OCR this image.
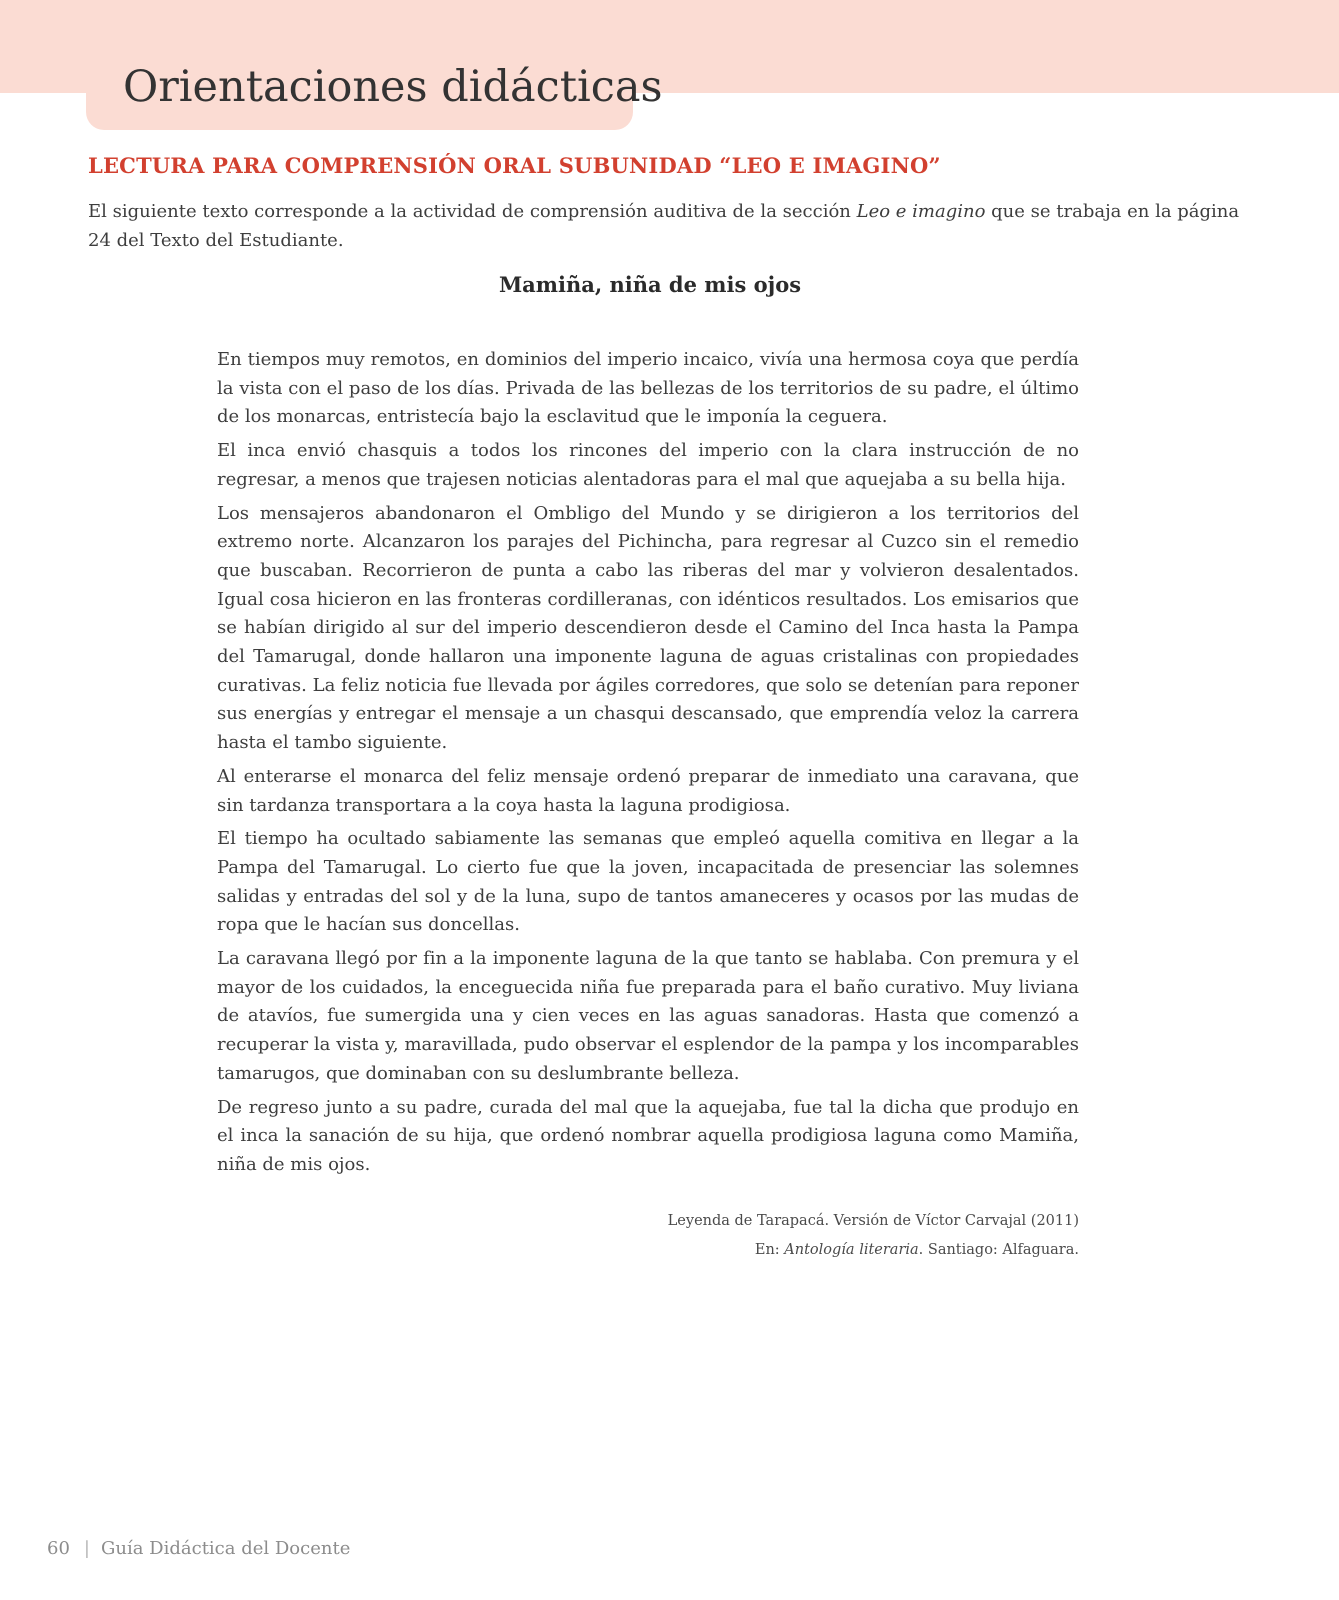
Orientaciones didácticas
LECTURA PARA COMPRENSIÓN ORAL SUBUNIDAD “LEO E IMAGINO”

El siguiente texto corresponde a la actividad de comprensión auditiva de la sección Leo e imagino que se trabaja en la página 24 del Texto del Estudiante.

Mamiña, niña de mis ojos

En tiempos muy remotos, en dominios del imperio incaico, vivía una hermosa coya que perdía la vista con el paso de los días. Privada de las bellezas de los territorios de su padre, el último de los monarcas, entristecía bajo la esclavitud que le imponía la ceguera.

El inca envió chasquis a todos los rincones del imperio con la clara instrucción de no regresar, a menos que trajesen noticias alentadoras para el mal que aquejaba a su bella hija.

Los mensajeros abandonaron el Ombligo del Mundo y se dirigieron a los territorios del extremo norte. Alcanzaron los parajes del Pichincha, para regresar al Cuzco sin el remedio que buscaban. Recorrieron de punta a cabo las riberas del mar y volvieron desalentados. Igual cosa hicieron en las fronteras cordilleranas, con idénticos resultados. Los emisarios que se habían dirigido al sur del imperio descendieron desde el Camino del Inca hasta la Pampa del Tamarugal, donde hallaron una imponente laguna de aguas cristalinas con propiedades curativas. La feliz noticia fue llevada por ágiles corredores, que solo se detenían para reponer sus energías y entregar el mensaje a un chasqui descansado, que emprendía veloz la carrera hasta el tambo siguiente.

Al enterarse el monarca del feliz mensaje ordenó preparar de inmediato una caravana, que sin tardanza transportara a la coya hasta la laguna prodigiosa.

El tiempo ha ocultado sabiamente las semanas que empleó aquella comitiva en llegar a la Pampa del Tamarugal. Lo cierto fue que la joven, incapacitada de presenciar las solemnes salidas y entradas del sol y de la luna, supo de tantos amaneceres y ocasos por las mudas de ropa que le hacían sus doncellas.

La caravana llegó por fin a la imponente laguna de la que tanto se hablaba. Con premura y el mayor de los cuidados, la enceguecida niña fue preparada para el baño curativo. Muy liviana de atavíos, fue sumergida una y cien veces en las aguas sanadoras. Hasta que comenzó a recuperar la vista y, maravillada, pudo observar el esplendor de la pampa y los incomparables tamarugos, que dominaban con su deslumbrante belleza.

De regreso junto a su padre, curada del mal que la aquejaba, fue tal la dicha que produjo en el inca la sanación de su hija, que ordenó nombrar aquella prodigiosa laguna como Mamiña, niña de mis ojos.

Leyenda de Tarapacá. Versión de Víctor Carvajal (2011)
En: Antología literaria. Santiago: Alfaguara.
60 | Guía Didáctica del Docente
